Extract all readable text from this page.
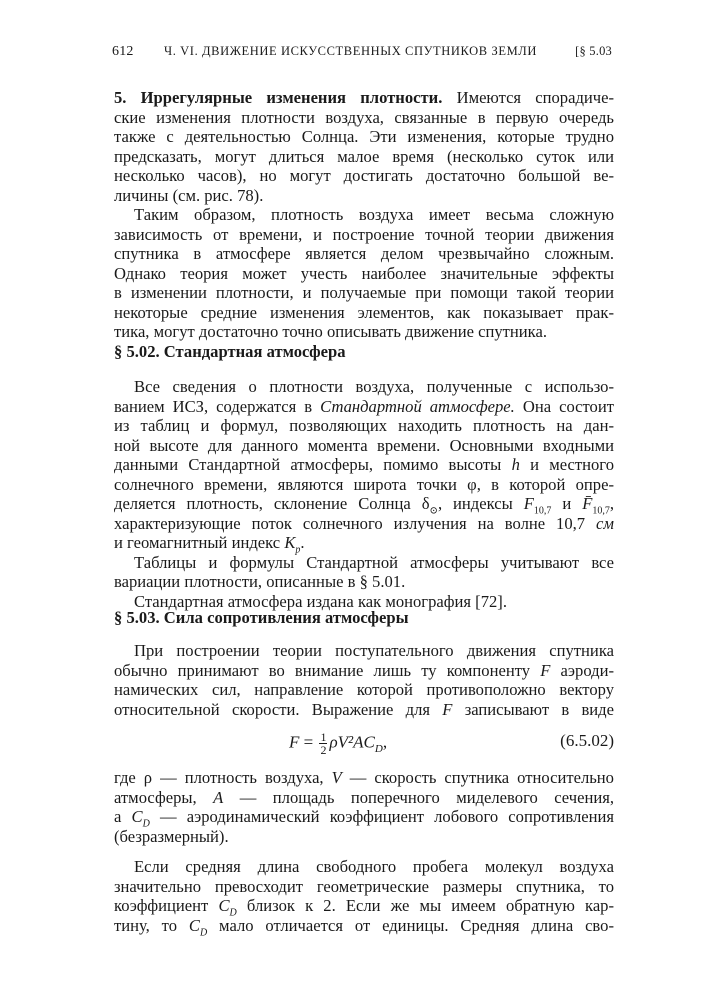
612 Ч. VI. ДВИЖЕНИЕ ИСКУССТВЕННЫХ СПУТНИКОВ ЗЕМЛИ	[§ 5.03
5. Иррегулярные изменения плотности. Имеются спорадиче-
ские изменения плотности воздуха, связанные в первую очередь
также с деятельностью Солнца. Эти изменения, которые трудно
предсказать, могут длиться малое время (несколько суток или
несколько часов), но могут достигать достаточно большой ве-
личины (см. рис. 78).
Таким образом, плотность воздуха имеет весьма сложную
зависимость от времени, и построение точной теории движения
спутника в атмосфере является делом чрезвычайно сложным.
Однако теория может учесть наиболее значительные эффекты
в изменении плотности, и получаемые при помощи такой теории
некоторые средние изменения элементов, как показывает прак-
тика, могут достаточно точно описывать движение спутника.
§ 5.02. Стандартная атмосфера
Все сведения о плотности воздуха, полученные с использо-
ванием ИСЗ, содержатся в Стандартной атмосфере. Она состоит
из таблиц и формул, позволяющих находить плотность на дан-
ной высоте для данного момента времени. Основными входными
данными Стандартной атмосферы, помимо высоты h и местного
солнечного времени, являются широта точки φ, в которой опре-
деляется плотность, склонение Солнца $\delta_⊙$, индексы $F_{10,7}$ и $F̄_{10,7}$,
характеризующие поток солнечного излучения на волне 10,7 см
и геомагнитный индекс $K_p$.
Таблицы и формулы Стандартной атмосферы учитывают все
вариации плотности, описанные в § 5.01.
Стандартная атмосфера издана как монография [72].
§ 5.03. Сила сопротивления атмосферы
При построении теории поступательного движения спутника
обычно принимают во внимание лишь ту компоненту F аэроди-
намических сил, направление которой противоположно вектору
относительной скорости. Выражение для F записывают в виде
$F = \frac{1}{2} \rho V^2AC_D$,	(6.5.02)
где ρ — плотность воздуха, V — скорость спутника относительно
атмосферы, A — площадь поперечного миделевого сечения,
а $C_D$ — аэродинамический коэффициент лобового сопротивления
(безразмерный).
Если средняя длина свободного пробега молекул воздуха
значительно превосходит геометрические размеры спутника, то
коэффициент $C_D$ близок к 2. Если же мы имеем обратную кар-
тину, то $C_D$ мало отличается от единицы. Средняя длина сво-
